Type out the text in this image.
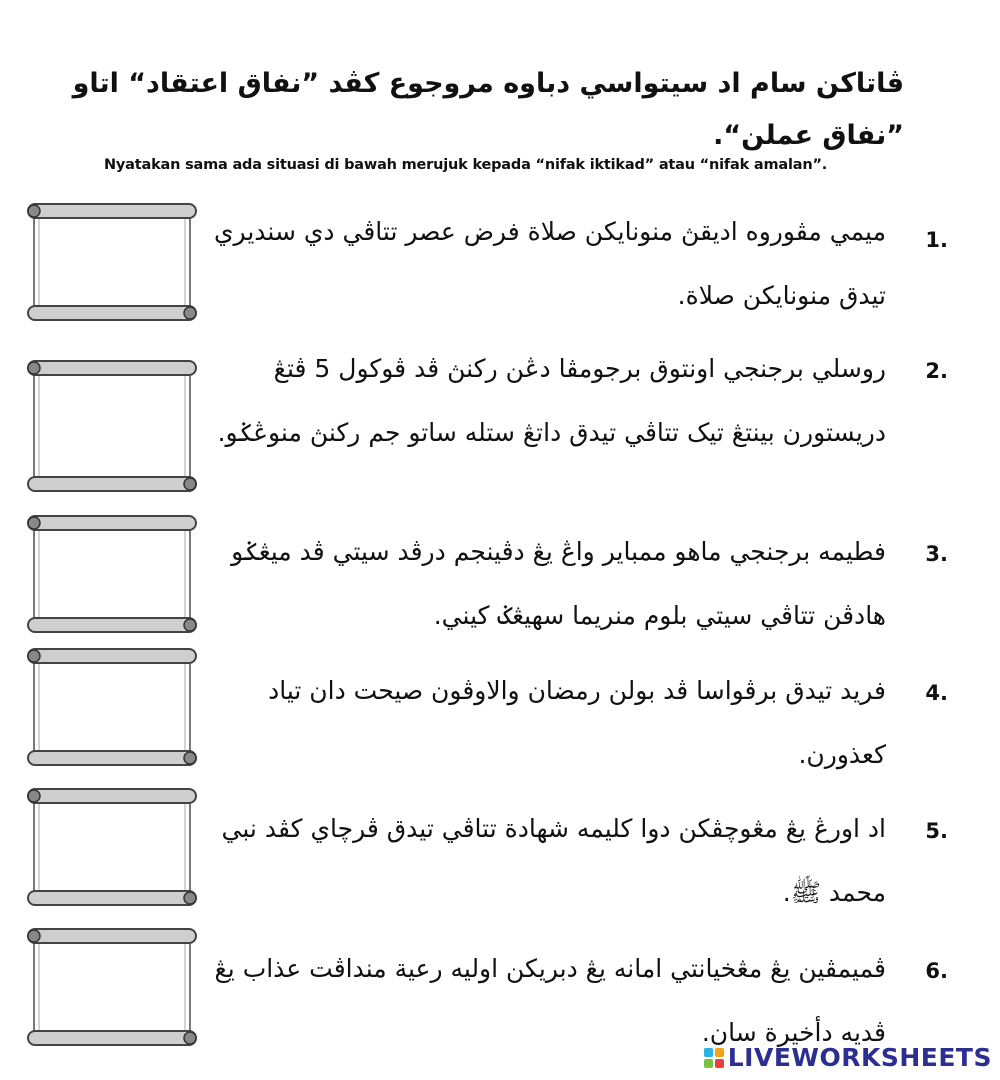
ڤاتاکن سام اد سيتواسي دباوه مروجوع کڤد ”نفاق اعتقاد“ اتاو ”نفاق عملن“.
Nyatakan sama ada situasi di bawah merujuk kepada “nifak iktikad” atau “nifak amalan”.
1.
ميمي مڤوروه اديقڽ منونايکن صلاة فرض عصر تتاڤي دي سنديري تيدق منونايکن صلاة.
2.
روسلي برجنجي اونتوق برجومڤا دڠن رکنڽ ڤد ڤوکول 5 ڤتڠ دريستورن بينتڠ تيک تتاڤي تيدق داتڠ ستله ساتو جم رکنڽ منوڠݢو.
3.
فطيمه برجنجي ماهو ممباير واڠ يڠ دڤينجم درڤد سيتي ڤد ميڠݢو هادڤن تتاڤي سيتي بلوم منريما سهيڠݢ کيني.
4.
فريد تيدق برڤواسا ڤد بولن رمضان والاوڤون صيحت دان تياد کعذورن.
5.
اد اورڠ يڠ مڠوچڤکن دوا کليمه شهادة تتاڤي تيدق ڤرچاي کڤد نبي محمد ﷺ.
6.
ڤميمڤين يڠ مڠخيانتي امانه يڠ دبريکن اوليه رعية منداڤت عذاب يڠ ڤديه دأخيرة سان.
LIVEWORKSHEETS
